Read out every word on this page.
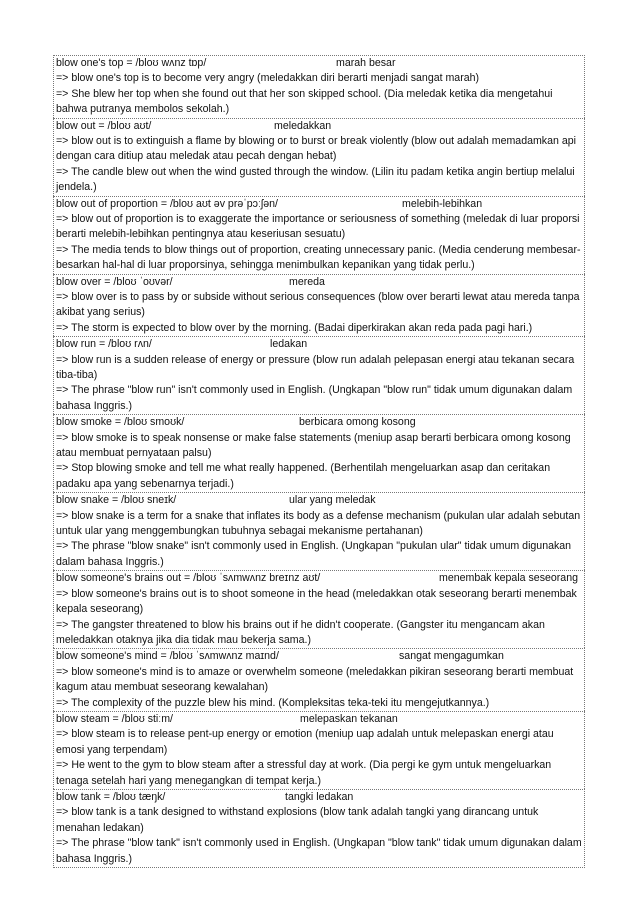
blow one's top = /bloʊ wʌnz tɒp/	marah besar
=> blow one's top is to become very angry (meledakkan diri berarti menjadi sangat marah)
=> She blew her top when she found out that her son skipped school. (Dia meledak ketika dia mengetahui bahwa putranya membolos sekolah.)
blow out = /bloʊ aʊt/	meledakkan
=> blow out is to extinguish a flame by blowing or to burst or break violently (blow out adalah memadamkan api dengan cara ditiup atau meledak atau pecah dengan hebat)
=> The candle blew out when the wind gusted through the window. (Lilin itu padam ketika angin bertiup melalui jendela.)
blow out of proportion = /bloʊ aʊt əv prəˈpɔːʃən/	melebih-lebihkan
=> blow out of proportion is to exaggerate the importance or seriousness of something (meledak di luar proporsi berarti melebih-lebihkan pentingnya atau keseriusan sesuatu)
=> The media tends to blow things out of proportion, creating unnecessary panic. (Media cenderung membesar-besarkan hal-hal di luar proporsinya, sehingga menimbulkan kepanikan yang tidak perlu.)
blow over = /bloʊ ˈoʊvər/	mereda
=> blow over is to pass by or subside without serious consequences (blow over berarti lewat atau mereda tanpa akibat yang serius)
=> The storm is expected to blow over by the morning. (Badai diperkirakan akan reda pada pagi hari.)
blow run = /bloʊ rʌn/	ledakan
=> blow run is a sudden release of energy or pressure (blow run adalah pelepasan energi atau tekanan secara tiba-tiba)
=> The phrase "blow run" isn't commonly used in English. (Ungkapan "blow run" tidak umum digunakan dalam bahasa Inggris.)
blow smoke = /bloʊ smoʊk/	berbicara omong kosong
=> blow smoke is to speak nonsense or make false statements (meniup asap berarti berbicara omong kosong atau membuat pernyataan palsu)
=> Stop blowing smoke and tell me what really happened. (Berhentilah mengeluarkan asap dan ceritakan padaku apa yang sebenarnya terjadi.)
blow snake = /bloʊ sneɪk/	ular yang meledak
=> blow snake is a term for a snake that inflates its body as a defense mechanism (pukulan ular adalah sebutan untuk ular yang menggembungkan tubuhnya sebagai mekanisme pertahanan)
=> The phrase "blow snake" isn't commonly used in English. (Ungkapan "pukulan ular" tidak umum digunakan dalam bahasa Inggris.)
blow someone's brains out = /bloʊ ˈsʌmwʌnz breɪnz aʊt/	menembak kepala seseorang
=> blow someone's brains out is to shoot someone in the head (meledakkan otak seseorang berarti menembak kepala seseorang)
=> The gangster threatened to blow his brains out if he didn't cooperate. (Gangster itu mengancam akan meledakkan otaknya jika dia tidak mau bekerja sama.)
blow someone's mind = /bloʊ ˈsʌmwʌnz maɪnd/	sangat mengagumkan
=> blow someone's mind is to amaze or overwhelm someone (meledakkan pikiran seseorang berarti membuat kagum atau membuat seseorang kewalahan)
=> The complexity of the puzzle blew his mind. (Kompleksitas teka-teki itu mengejutkannya.)
blow steam = /bloʊ stiːm/	melepaskan tekanan
=> blow steam is to release pent-up energy or emotion (meniup uap adalah untuk melepaskan energi atau emosi yang terpendam)
=> He went to the gym to blow steam after a stressful day at work. (Dia pergi ke gym untuk mengeluarkan tenaga setelah hari yang menegangkan di tempat kerja.)
blow tank = /bloʊ tæŋk/	tangki ledakan
=> blow tank is a tank designed to withstand explosions (blow tank adalah tangki yang dirancang untuk menahan ledakan)
=> The phrase "blow tank" isn't commonly used in English. (Ungkapan "blow tank" tidak umum digunakan dalam bahasa Inggris.)
